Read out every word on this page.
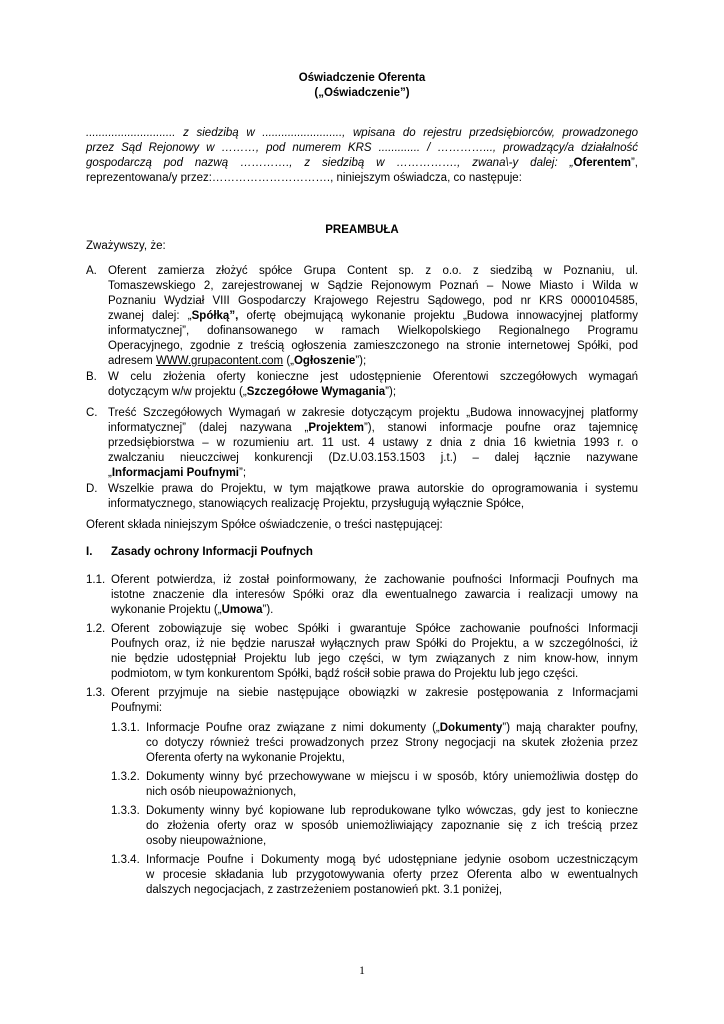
Oświadczenie Oferenta
(„Oświadczenie”)
............................ z siedzibą w ........................., wpisana do rejestru przedsiębiorców, prowadzonego
przez Sąd Rejonowy w ………, pod numerem KRS ............. / …………..., prowadzący/a działalność
gospodarczą pod nazwą …………., z siedzibą w ……………., zwana\-y dalej: „Oferentem”,
reprezentowana/y przez:…………………………., niniejszym oświadcza, co następuje:
PREAMBUŁA
Zważywszy, że:
A. Oferent zamierza złożyć spółce Grupa Content sp. z o.o. z siedzibą w Poznaniu, ul.
Tomaszewskiego 2, zarejestrowanej w Sądzie Rejonowym Poznań – Nowe Miasto i Wilda w
Poznaniu Wydział VIII Gospodarczy Krajowego Rejestru Sądowego, pod nr KRS 0000104585,
zwanej dalej: „Spółką”, ofertę obejmującą wykonanie projektu „Budowa innowacyjnej platformy
informatycznej”, dofinansowanego w ramach Wielkopolskiego Regionalnego Programu
Operacyjnego, zgodnie z treścią ogłoszenia zamieszczonego na stronie internetowej Spółki, pod
adresem WWW.grupacontent.com („Ogłoszenie”);
B. W celu złożenia oferty konieczne jest udostępnienie Oferentowi szczegółowych wymagań
dotyczącym w/w projektu („Szczegółowe Wymagania”);
C. Treść Szczegółowych Wymagań w zakresie dotyczącym projektu „Budowa innowacyjnej platformy
informatycznej” (dalej nazywana „Projektem”), stanowi informacje poufne oraz tajemnicę
przedsiębiorstwa – w rozumieniu art. 11 ust. 4 ustawy z dnia z dnia 16 kwietnia 1993 r. o
zwalczaniu nieuczciwej konkurencji (Dz.U.03.153.1503 j.t.) – dalej łącznie nazywane
„Informacjami Poufnymi”;
D. Wszelkie prawa do Projektu, w tym majątkowe prawa autorskie do oprogramowania i systemu
informatycznego, stanowiących realizację Projektu, przysługują wyłącznie Spółce,
Oferent składa niniejszym Spółce oświadczenie, o treści następującej:
I. Zasady ochrony Informacji Poufnych
1.1. Oferent potwierdza, iż został poinformowany, że zachowanie poufności Informacji Poufnych ma
istotne znaczenie dla interesów Spółki oraz dla ewentualnego zawarcia i realizacji umowy na
wykonanie Projektu („Umowa”).
1.2. Oferent zobowiązuje się wobec Spółki i gwarantuje Spółce zachowanie poufności Informacji
Poufnych oraz, iż nie będzie naruszał wyłącznych praw Spółki do Projektu, a w szczególności, iż
nie będzie udostępniał Projektu lub jego części, w tym związanych z nim know-how, innym
podmiotom, w tym konkurentom Spółki, bądź rościł sobie prawa do Projektu lub jego części.
1.3. Oferent przyjmuje na siebie następujące obowiązki w zakresie postępowania z Informacjami
Poufnymi:
1.3.1. Informacje Poufne oraz związane z nimi dokumenty („Dokumenty”) mają charakter poufny,
co dotyczy również treści prowadzonych przez Strony negocjacji na skutek złożenia przez
Oferenta oferty na wykonanie Projektu,
1.3.2. Dokumenty winny być przechowywane w miejscu i w sposób, który uniemożliwia dostęp do
nich osób nieupoważnionych,
1.3.3. Dokumenty winny być kopiowane lub reprodukowane tylko wówczas, gdy jest to konieczne
do złożenia oferty oraz w sposób uniemożliwiający zapoznanie się z ich treścią przez
osoby nieupoważnione,
1.3.4. Informacje Poufne i Dokumenty mogą być udostępniane jedynie osobom uczestniczącym
w procesie składania lub przygotowywania oferty przez Oferenta albo w ewentualnych
dalszych negocjacjach, z zastrzeżeniem postanowień pkt. 3.1 poniżej,
1
